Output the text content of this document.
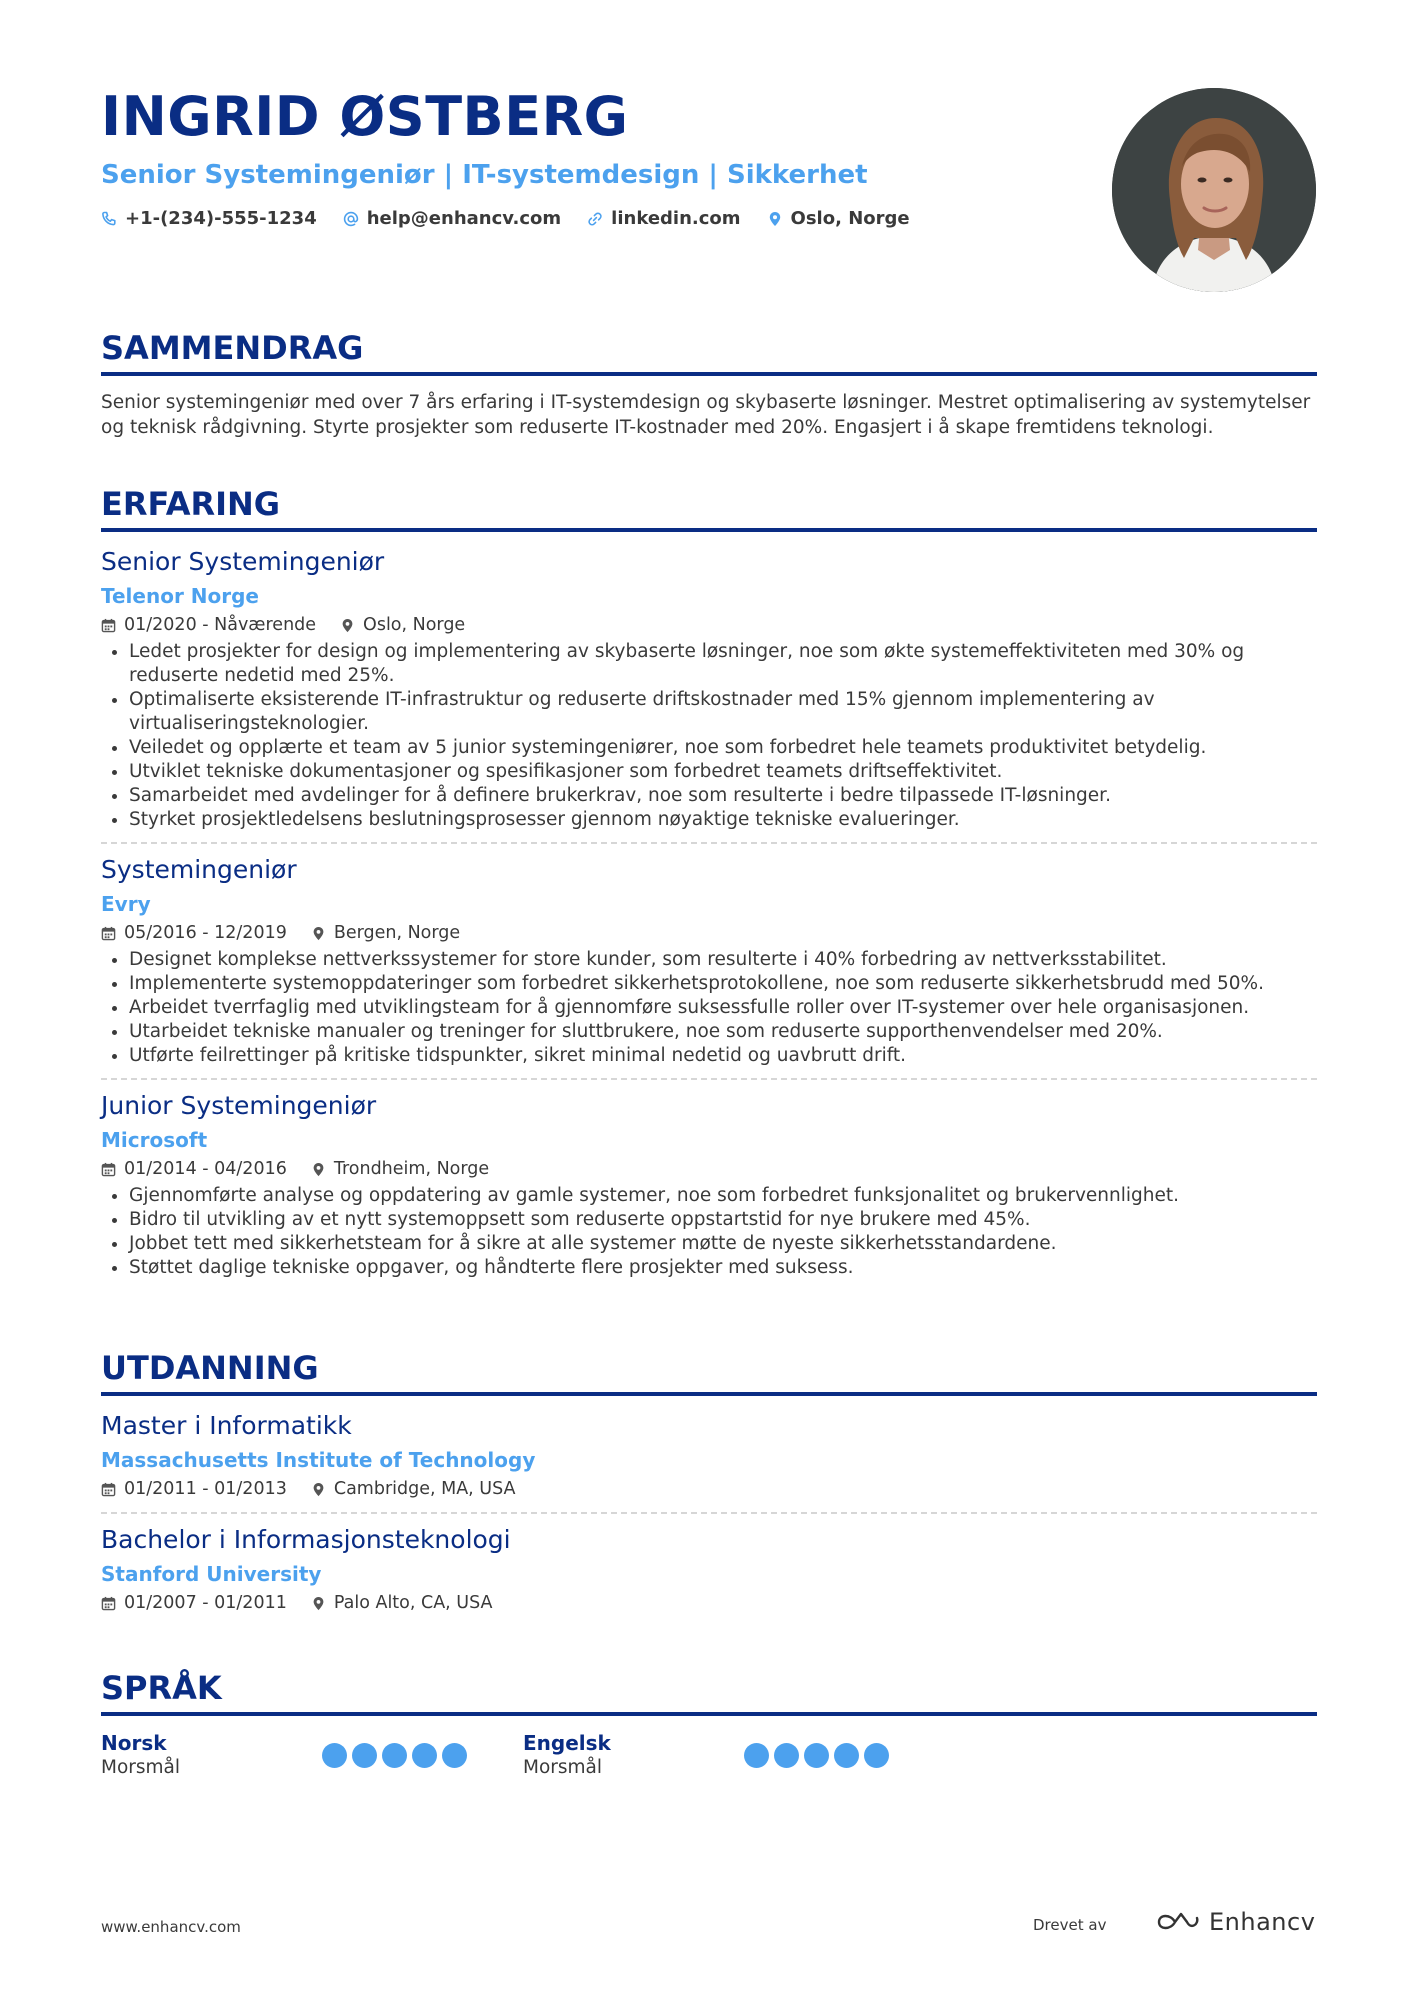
INGRID ØSTBERG
Senior Systemingeniør | IT-systemdesign | Sikkerhet
+1-(234)-555-1234	help@enhancv.com	linkedin.com	Oslo, Norge
SAMMENDRAG
Senior systemingeniør med over 7 års erfaring i IT-systemdesign og skybaserte løsninger. Mestret optimalisering av systemytelser og teknisk rådgivning. Styrte prosjekter som reduserte IT-kostnader med 20%. Engasjert i å skape fremtidens teknologi.
ERFARING
Senior Systemingeniør
Telenor Norge
01/2020 - Nåværende	Oslo, Norge
• Ledet prosjekter for design og implementering av skybaserte løsninger, noe som økte systemeffektiviteten med 30% og reduserte nedetid med 25%.
• Optimaliserte eksisterende IT-infrastruktur og reduserte driftskostnader med 15% gjennom implementering av virtualiseringsteknologier.
• Veiledet og opplærte et team av 5 junior systemingeniører, noe som forbedret hele teamets produktivitet betydelig.
• Utviklet tekniske dokumentasjoner og spesifikasjoner som forbedret teamets driftseffektivitet.
• Samarbeidet med avdelinger for å definere brukerkrav, noe som resulterte i bedre tilpassede IT-løsninger.
• Styrket prosjektledelsens beslutningsprosesser gjennom nøyaktige tekniske evalueringer.
Systemingeniør
Evry
05/2016 - 12/2019	Bergen, Norge
• Designet komplekse nettverkssystemer for store kunder, som resulterte i 40% forbedring av nettverksstabilitet.
• Implementerte systemoppdateringer som forbedret sikkerhetsprotokollene, noe som reduserte sikkerhetsbrudd med 50%.
• Arbeidet tverrfaglig med utviklingsteam for å gjennomføre suksessfulle roller over IT-systemer over hele organisasjonen.
• Utarbeidet tekniske manualer og treninger for sluttbrukere, noe som reduserte supporthenvendelser med 20%.
• Utførte feilrettinger på kritiske tidspunkter, sikret minimal nedetid og uavbrutt drift.
Junior Systemingeniør
Microsoft
01/2014 - 04/2016	Trondheim, Norge
• Gjennomførte analyse og oppdatering av gamle systemer, noe som forbedret funksjonalitet og brukervennlighet.
• Bidro til utvikling av et nytt systemoppsett som reduserte oppstartstid for nye brukere med 45%.
• Jobbet tett med sikkerhetsteam for å sikre at alle systemer møtte de nyeste sikkerhetsstandardene.
• Støttet daglige tekniske oppgaver, og håndterte flere prosjekter med suksess.
UTDANNING
Master i Informatikk
Massachusetts Institute of Technology
01/2011 - 01/2013	Cambridge, MA, USA
Bachelor i Informasjonsteknologi
Stanford University
01/2007 - 01/2011	Palo Alto, CA, USA
SPRÅK
Norsk
Morsmål
Engelsk
Morsmål
www.enhancv.com	Drevet av	Enhancv
